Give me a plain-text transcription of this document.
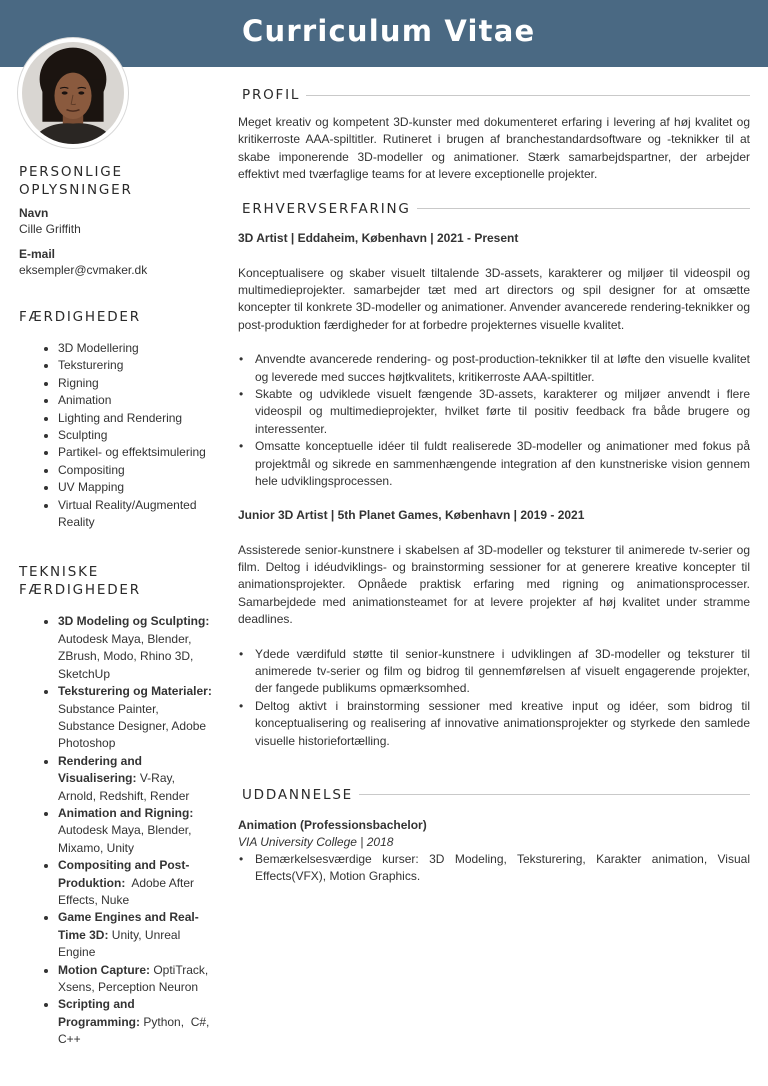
Curriculum Vitae
PERSONLIGE OPLYSNINGER
Navn
Cille Griffith
E-mail
eksempler@cvmaker.dk
FÆRDIGHEDER
• 3D Modellering
• Teksturering
• Rigning
• Animation
• Lighting and Rendering
• Sculpting
• Partikel- og effektsimulering
• Compositing
• UV Mapping
• Virtual Reality/Augmented Reality
TEKNISKE FÆRDIGHEDER
• 3D Modeling og Sculpting: Autodesk Maya, Blender, ZBrush, Modo, Rhino 3D, SketchUp
• Teksturering og Materialer: Substance Painter, Substance Designer, Adobe Photoshop
• Rendering and Visualisering: V-Ray, Arnold, Redshift, Render
• Animation and Rigning: Autodesk Maya, Blender, Mixamo, Unity
• Compositing and Post-Produktion:  Adobe After Effects, Nuke
• Game Engines and Real-Time 3D: Unity, Unreal Engine
• Motion Capture: OptiTrack, Xsens, Perception Neuron
• Scripting and Programming: Python,  C#, C++
PROFIL

Meget kreativ og kompetent 3D-kunster med dokumenteret erfaring i levering af høj kvalitet og kritikerroste AAA-spiltitler. Rutineret i brugen af branchestandardsoftware og -teknikker til at skabe imponerende 3D-modeller og animationer. Stærk samarbejdspartner, der arbejder effektivt med tværfaglige teams for at levere exceptionelle projekter.

ERHVERVSERFARING
3D Artist | Eddaheim, København | 2021 - Present

Konceptualisere og skaber visuelt tiltalende 3D-assets, karakterer og miljøer til videospil og multimedieprojekter. samarbejder tæt med art directors og spil designer for at omsætte koncepter til konkrete 3D-modeller og animationer. Anvender avancerede rendering-teknikker og post-produktion færdigheder for at forbedre projekternes visuelle kvalitet.

• Anvendte avancerede rendering- og post-production-teknikker til at løfte den visuelle kvalitet og leverede med succes højtkvalitets, kritikerroste AAA-spiltitler.
• Skabte og udviklede visuelt fængende 3D-assets, karakterer og miljøer anvendt i flere videospil og multimedieprojekter, hvilket førte til positiv feedback fra både brugere og interessenter.
• Omsatte konceptuelle idéer til fuldt realiserede 3D-modeller og animationer med fokus på projektmål og sikrede en sammenhængende integration af den kunstneriske vision gennem hele udviklingsprocessen.
Junior 3D Artist | 5th Planet Games, København | 2019 - 2021

Assisterede senior-kunstnere i skabelsen af 3D-modeller og teksturer til animerede tv-serier og film. Deltog i idéudviklings- og brainstorming sessioner for at generere kreative koncepter til animationsprojekter. Opnåede praktisk erfaring med rigning og animationsprocesser. Samarbejdede med animationsteamet for at levere projekter af høj kvalitet under stramme deadlines.

• Ydede værdifuld støtte til senior-kunstnere i udviklingen af 3D-modeller og teksturer til animerede tv-serier og film og bidrog til gennemførelsen af visuelt engagerende projekter, der fangede publikums opmærksomhed.
• Deltog aktivt i brainstorming sessioner med kreative input og idéer, som bidrog til konceptualisering og realisering af innovative animationsprojekter og styrkede den samlede visuelle historiefortælling.
UDDANNELSE
Animation (Professionsbachelor)
VIA University College | 2018
• Bemærkelsesværdige kurser: 3D Modeling, Teksturering, Karakter animation, Visual Effects(VFX), Motion Graphics.
